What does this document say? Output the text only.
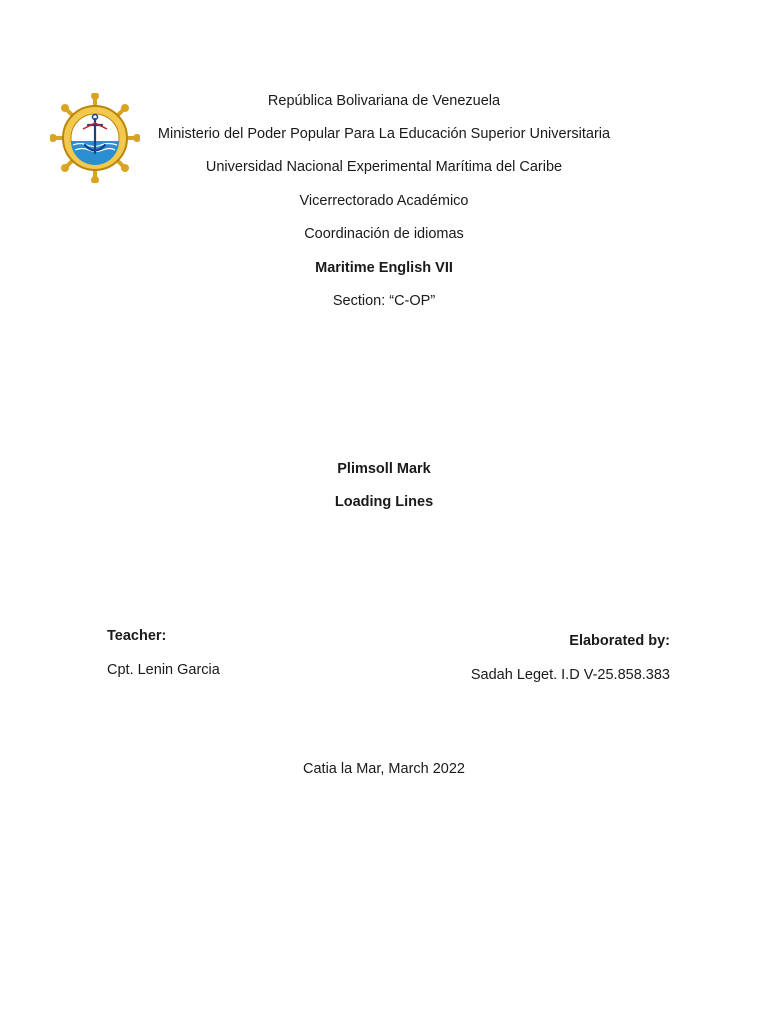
República Bolivariana de Venezuela
Ministerio del Poder Popular Para La Educación Superior Universitaria
Universidad Nacional Experimental Marítima del Caribe
Vicerrectorado Académico
Coordinación de idiomas
Maritime English VII
Section: “C-OP”
Plimsoll Mark
Loading Lines
Teacher:
Cpt. Lenin Garcia
Elaborated by:
Sadah Leget. I.D V-25.858.383
Catia la Mar, March 2022
